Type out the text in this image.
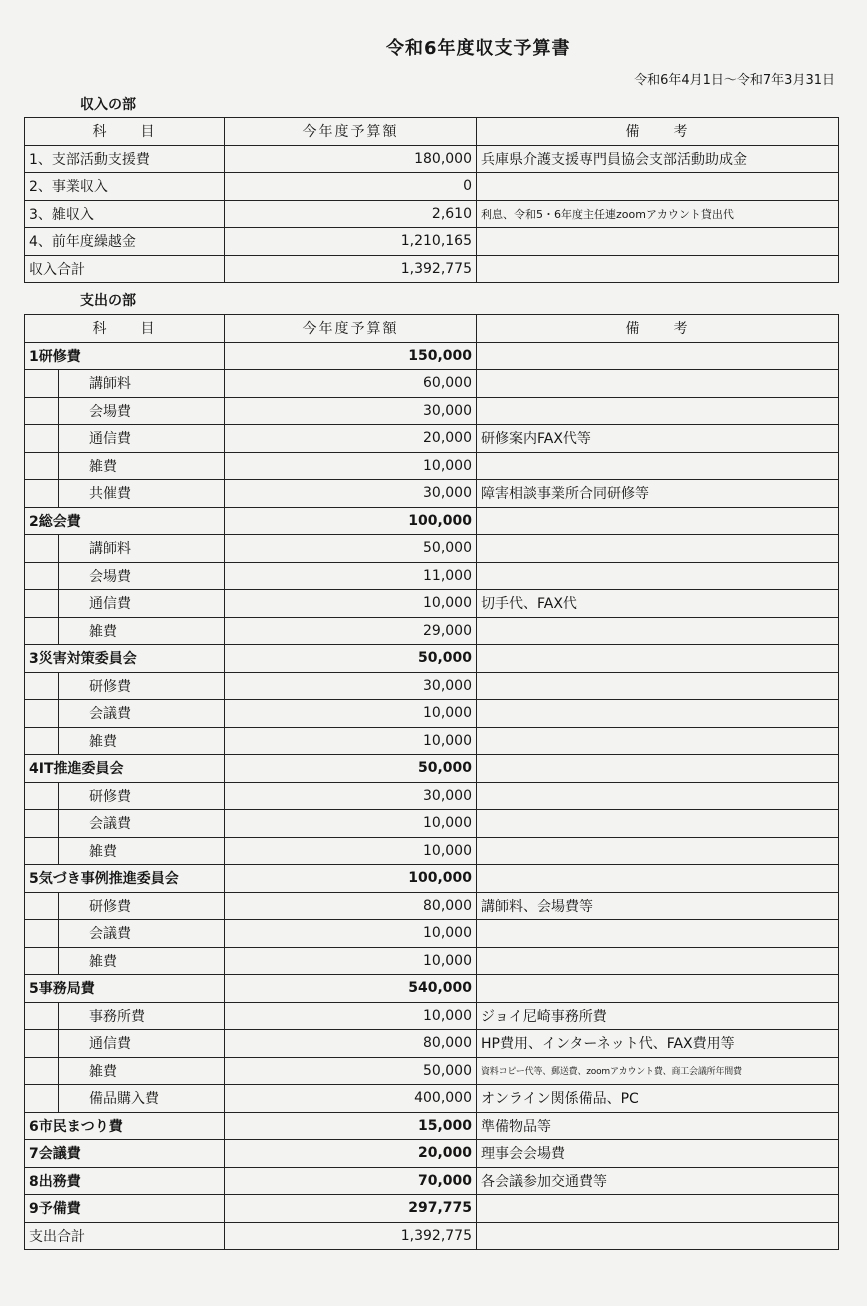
令和6年度収支予算書
令和6年4月1日～令和7年3月31日
収入の部
科　　目	今年度予算額	備　　考
1、支部活動支援費	180,000	兵庫県介護支援専門員協会支部活動助成金
2、事業収入	0	
3、雑収入	2,610	利息、令和5・6年度主任連zoomアカウント貸出代
4、前年度繰越金	1,210,165	
収入合計	1,392,775	
支出の部
科　　目		今年度予算額	備　　考
1研修費		150,000	
	講師料	60,000	
	会場費	30,000	
	通信費	20,000	研修案内FAX代等
	雑費	10,000	
	共催費	30,000	障害相談事業所合同研修等
2総会費		100,000	
	講師料	50,000	
	会場費	11,000	
	通信費	10,000	切手代、FAX代
	雑費	29,000	
3災害対策委員会		50,000	
	研修費	30,000	
	会議費	10,000	
	雑費	10,000	
4IT推進委員会		50,000	
	研修費	30,000	
	会議費	10,000	
	雑費	10,000	
5気づき事例推進委員会		100,000	
	研修費	80,000	講師料、会場費等
	会議費	10,000	
	雑費	10,000	
5事務局費		540,000	
	事務所費	10,000	ジョイ尼崎事務所費
	通信費	80,000	HP費用、インターネット代、FAX費用等
	雑費	50,000	資料コピー代等、郵送費、zoomアカウント費、商工会議所年間費
	備品購入費	400,000	オンライン関係備品、PC
6市民まつり費		15,000	準備物品等
7会議費		20,000	理事会会場費
8出務費		70,000	各会議参加交通費等
9予備費		297,775	
支出合計		1,392,775	
